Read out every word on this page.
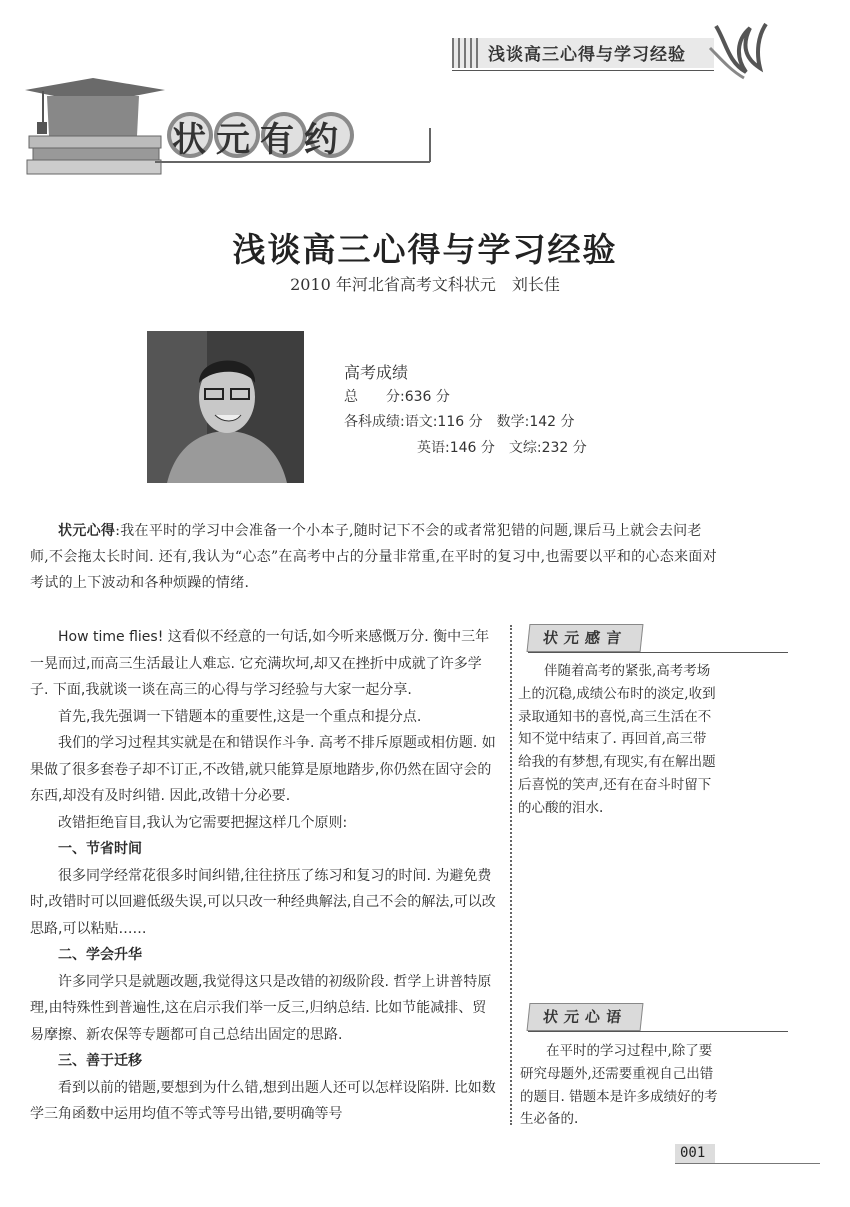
浅谈高三心得与学习经验
状元有约
浅谈高三心得与学习经验
2010 年河北省高考文科状元　刘长佳
高考成绩
总　　分:636 分
各科成绩:语文:116 分　数学:142 分
英语:146 分　文综:232 分
状元心得:我在平时的学习中会准备一个小本子,随时记下不会的或者常犯错的问题,课后马上就会去问老师,不会拖太长时间. 还有,我认为“心态”在高考中占的分量非常重,在平时的复习中,也需要以平和的心态来面对考试的上下波动和各种烦躁的情绪.

How time flies! 这看似不经意的一句话,如今听来感慨万分. 衡中三年一晃而过,而高三生活最让人难忘. 它充满坎坷,却又在挫折中成就了许多学子. 下面,我就谈一谈在高三的心得与学习经验与大家一起分享.

首先,我先强调一下错题本的重要性,这是一个重点和提分点.

我们的学习过程其实就是在和错误作斗争. 高考不排斥原题或相仿题. 如果做了很多套卷子却不订正,不改错,就只能算是原地踏步,你仍然在固守会的东西,却没有及时纠错. 因此,改错十分必要.

改错拒绝盲目,我认为它需要把握这样几个原则:

一、节省时间

很多同学经常花很多时间纠错,往往挤压了练习和复习的时间. 为避免费时,改错时可以回避低级失误,可以只改一种经典解法,自己不会的解法,可以改思路,可以粘贴……

二、学会升华

许多同学只是就题改题,我觉得这只是改错的初级阶段. 哲学上讲普特原理,由特殊性到普遍性,这在启示我们举一反三,归纳总结. 比如节能减排、贸易摩擦、新农保等专题都可自己总结出固定的思路.

三、善于迁移

看到以前的错题,要想到为什么错,想到出题人还可以怎样设陷阱. 比如数学三角函数中运用均值不等式等号出错,要明确等号

状元感言
伴随着高考的紧张,高考考场上的沉稳,成绩公布时的淡定,收到录取通知书的喜悦,高三生活在不知不觉中结束了. 再回首,高三带给我的有梦想,有现实,有在解出题后喜悦的笑声,还有在奋斗时留下的心酸的泪水.
状元心语
在平时的学习过程中,除了要研究母题外,还需要重视自己出错的题目. 错题本是许多成绩好的考生必备的.
001
